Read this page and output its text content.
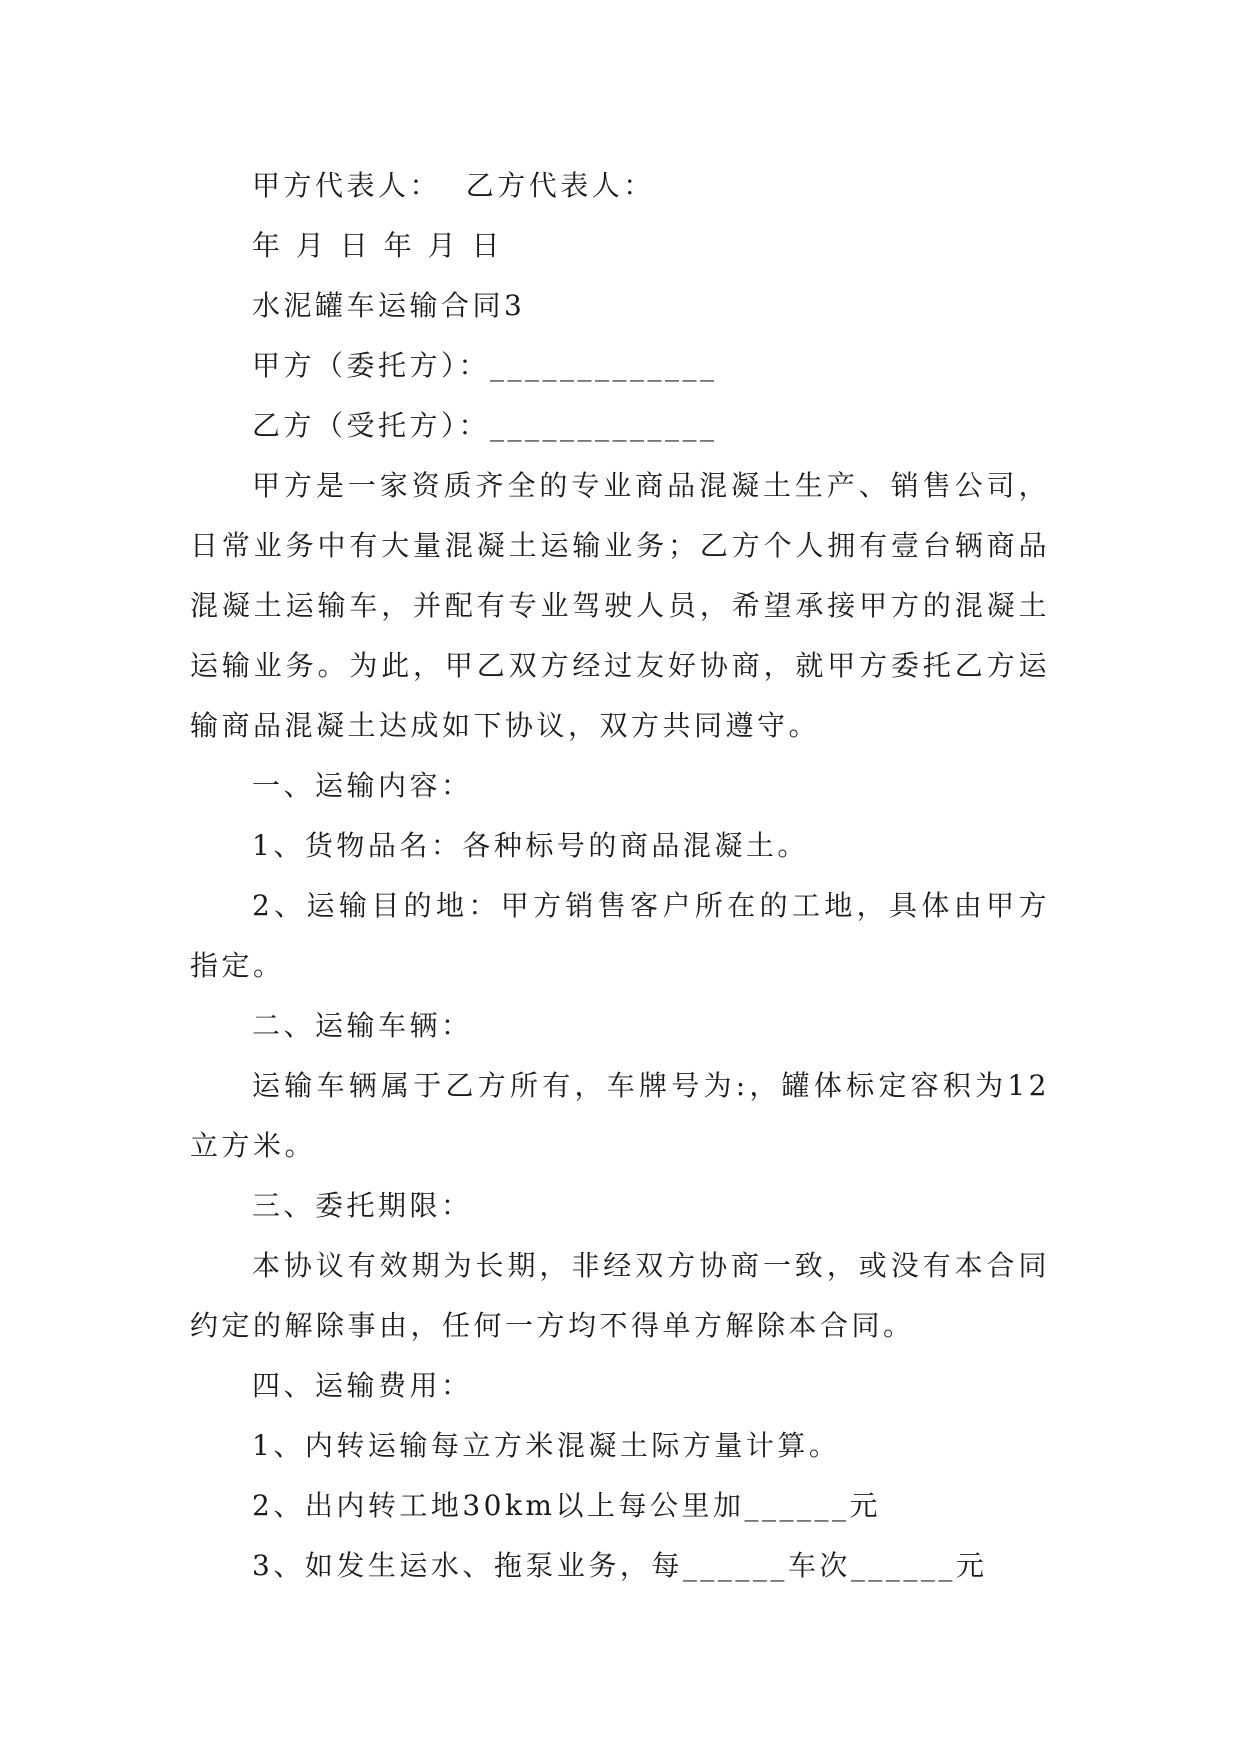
甲方代表人：  乙方代表人：

年 月 日 年 月 日

水泥罐车运输合同3

甲方（委托方）：_____________

乙方（受托方）：_____________

甲方是一家资质齐全的专业商品混凝土生产、销售公司，日常业务中有大量混凝土运输业务；乙方个人拥有壹台辆商品混凝土运输车，并配有专业驾驶人员，希望承接甲方的混凝土运输业务。为此，甲乙双方经过友好协商，就甲方委托乙方运输商品混凝土达成如下协议，双方共同遵守。

一、运输内容：

1、货物品名：各种标号的商品混凝土。

2、运输目的地：甲方销售客户所在的工地，具体由甲方指定。

二、运输车辆：

运输车辆属于乙方所有，车牌号为:，罐体标定容积为12立方米。

三、委托期限：

本协议有效期为长期，非经双方协商一致，或没有本合同约定的解除事由，任何一方均不得单方解除本合同。

四、运输费用：

1、内转运输每立方米混凝土际方量计算。

2、出内转工地30km以上每公里加______元

3、如发生运水、拖泵业务，每______车次______元
